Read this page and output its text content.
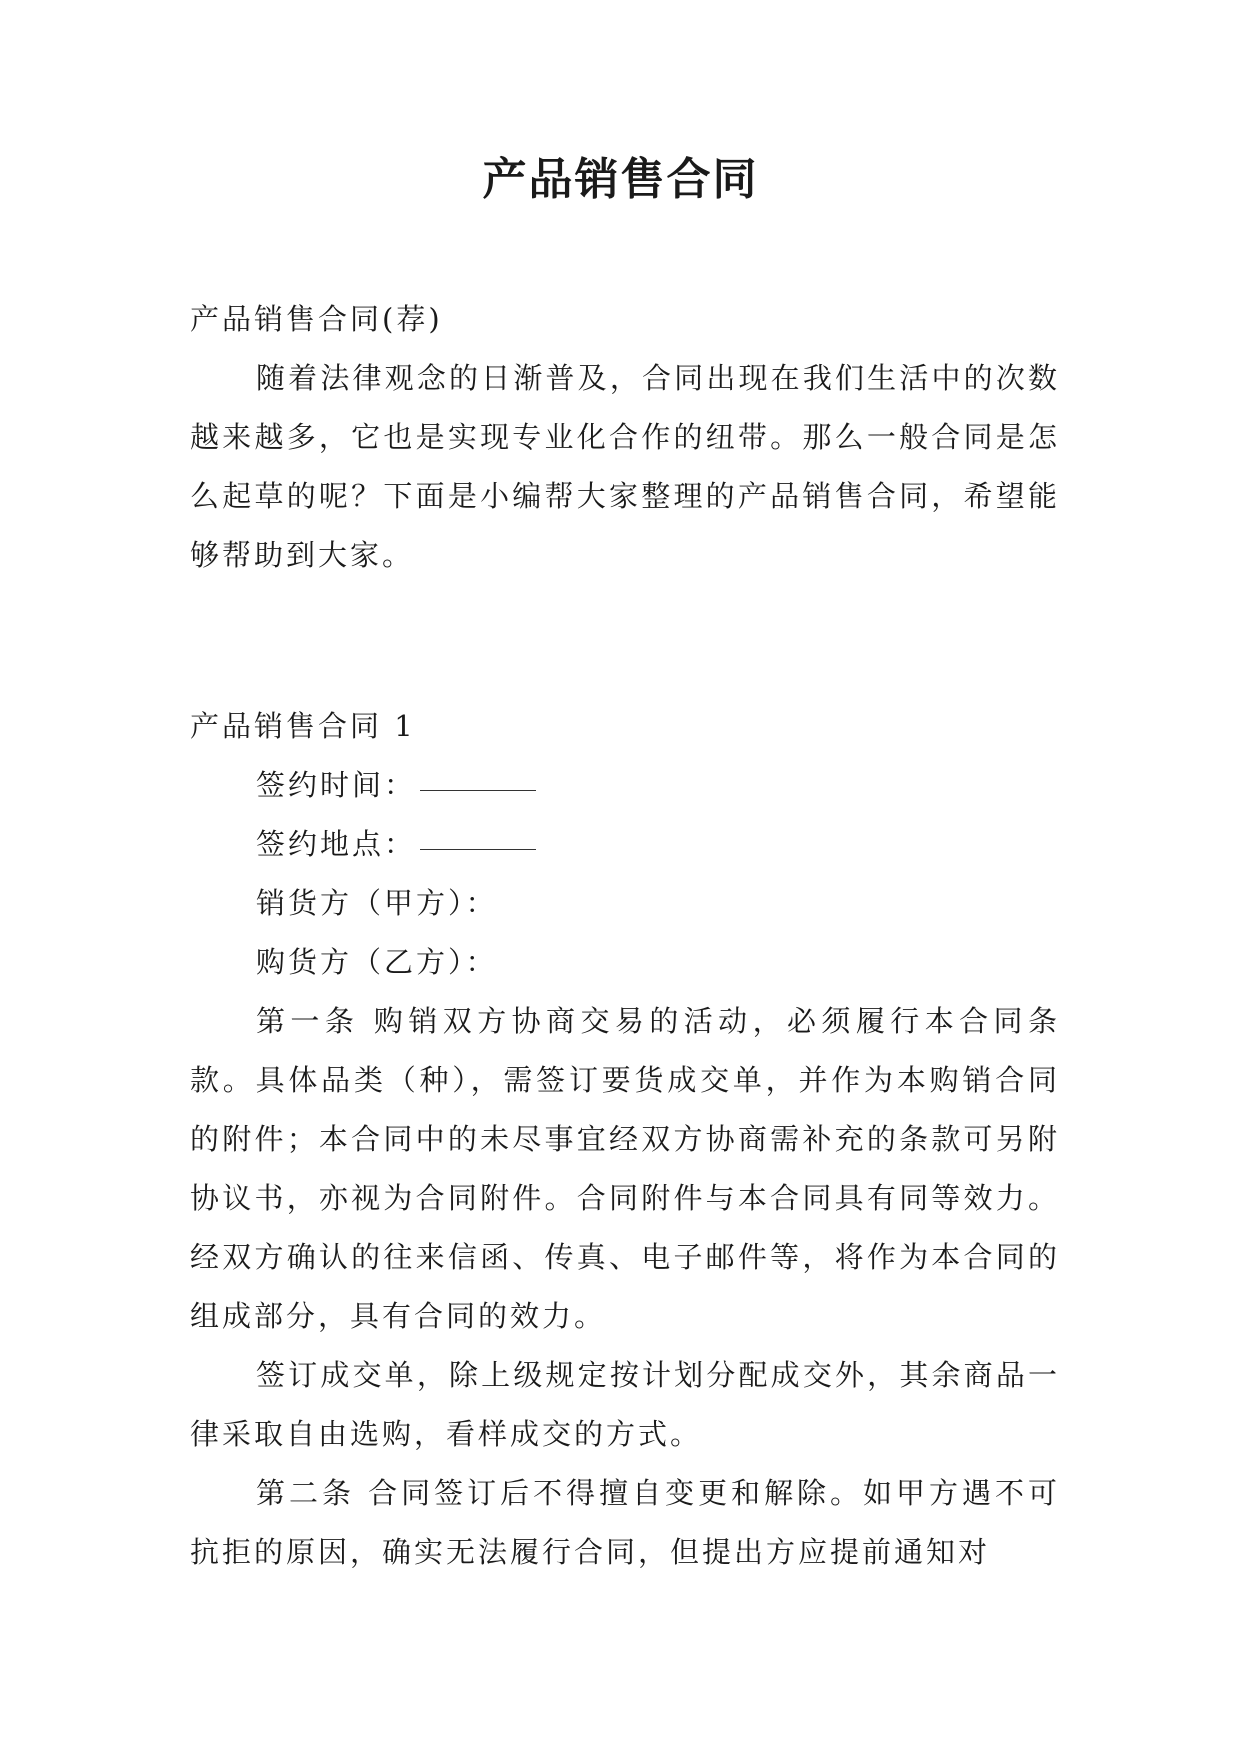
产品销售合同

产品销售合同(荐)

随着法律观念的日渐普及，合同出现在我们生活中的次数越来越多，它也是实现专业化合作的纽带。那么一般合同是怎么起草的呢？下面是小编帮大家整理的产品销售合同，希望能够帮助到大家。

产品销售合同 1

签约时间：

签约地点：

销货方（甲方）：

购货方（乙方）：

第一条 购销双方协商交易的活动，必须履行本合同条款。具体品类（种），需签订要货成交单，并作为本购销合同的附件；本合同中的未尽事宜经双方协商需补充的条款可另附协议书，亦视为合同附件。合同附件与本合同具有同等效力。经双方确认的往来信函、传真、电子邮件等，将作为本合同的组成部分，具有合同的效力。

签订成交单，除上级规定按计划分配成交外，其余商品一律采取自由选购，看样成交的方式。

第二条 合同签订后不得擅自变更和解除。如甲方遇不可抗拒的原因，确实无法履行合同，但提出方应提前通知对
